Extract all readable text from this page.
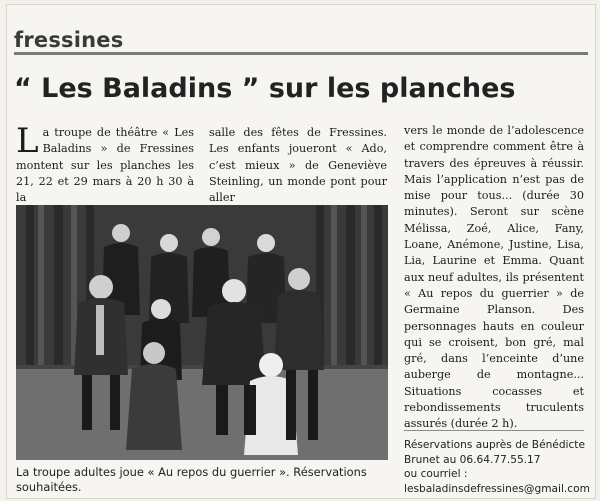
fressines
“ Les Baladins ” sur les planches

La troupe de théâtre « Les Baladins » de Fressines montent sur les planches les 21, 22 et 29 mars à 20 h 30 à la

salle des fêtes de Fressines. Les enfants joueront « Ado, c’est mieux » de Geneviève Steinling, un monde pont pour aller

vers le monde de l’adolescence et comprendre comment être à travers des épreuves à réussir. Mais l’application n’est pas de mise pour tous... (durée 30 minutes). Seront sur scène Mélissa, Zoé, Alice, Fany, Loane, Anémone, Justine, Lisa, Lia, Laurine et Emma. Quant aux neuf adultes, ils présentent « Au repos du guerrier » de Germaine Planson. Des personnages hauts en couleur qui se croisent, bon gré, mal gré, dans l’enceinte d’une auberge de montagne... Situations cocasses et rebondissements truculents assurés (durée 2 h).

La troupe adultes joue « Au repos du guerrier ». Réservations souhaitées.
Réservations auprès de Bénédicte
Brunet au 06.64.77.55.17
ou courriel :
lesbaladinsdefressines@gmail.com
